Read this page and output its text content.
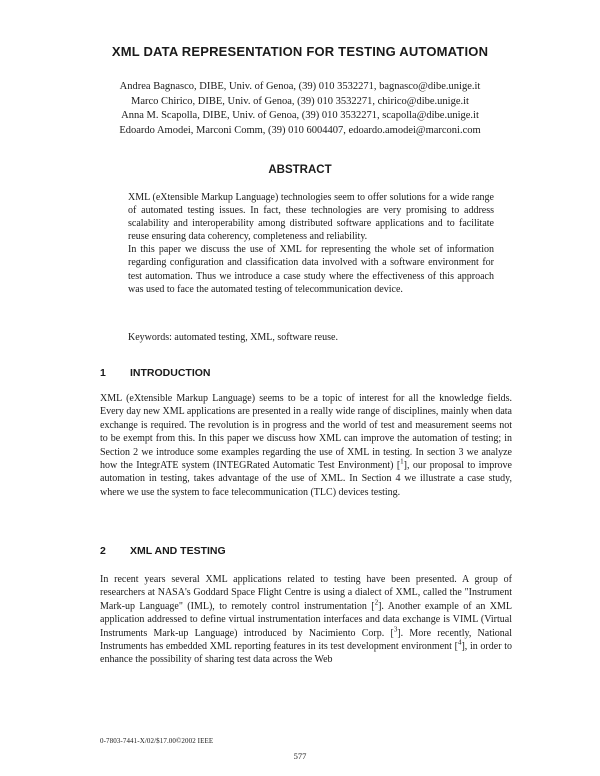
XML DATA REPRESENTATION FOR TESTING AUTOMATION
Andrea Bagnasco, DIBE, Univ. of Genoa, (39) 010 3532271, bagnasco@dibe.unige.it
Marco Chirico, DIBE, Univ. of Genoa, (39) 010 3532271, chirico@dibe.unige.it
Anna M. Scapolla, DIBE, Univ. of Genoa, (39) 010 3532271, scapolla@dibe.unige.it
Edoardo Amodei, Marconi Comm, (39) 010 6004407, edoardo.amodei@marconi.com
ABSTRACT
XML (eXtensible Markup Language) technologies seem to offer solutions for a wide range of automated testing issues. In fact, these technologies are very promising to address scalability and interoperability among distributed software applications and to facilitate reuse ensuring data coherency, completeness and reliability.
In this paper we discuss the use of XML for representing the whole set of information regarding configuration and classification data involved with a software environment for test automation. Thus we introduce a case study where the effectiveness of this approach was used to face the automated testing of telecommunication device.
Keywords: automated testing, XML, software reuse.
1 INTRODUCTION
XML (eXtensible Markup Language) seems to be a topic of interest for all the knowledge fields. Every day new XML applications are presented in a really wide range of disciplines, mainly when data exchange is required. The revolution is in progress and the world of test and measurement seems not to be exempt from this. In this paper we discuss how XML can improve the automation of testing; in Section 2 we introduce some examples regarding the use of XML in testing. In section 3 we analyze how the IntegrATE system (INTEGRated Automatic Test Environment) [$^1$], our proposal to improve automation in testing, takes advantage of the use of XML. In Section 4 we illustrate a case study, where we use the system to face telecommunication (TLC) devices testing.
2 XML AND TESTING
In recent years several XML applications related to testing have been presented. A group of researchers at NASA's Goddard Space Flight Centre is using a dialect of XML, called the "Instrument Mark-up Language" (IML), to remotely control instrumentation [$^2$]. Another example of an XML application addressed to define virtual instrumentation interfaces and data exchange is VIML (Virtual Instruments Mark-up Language) introduced by Nacimiento Corp. [$^3$]. More recently, National Instruments has embedded XML reporting features in its test development environment [$^4$], in order to enhance the possibility of sharing test data across the Web
0-7803-7441-X/02/$17.00©2002 IEEE
577
